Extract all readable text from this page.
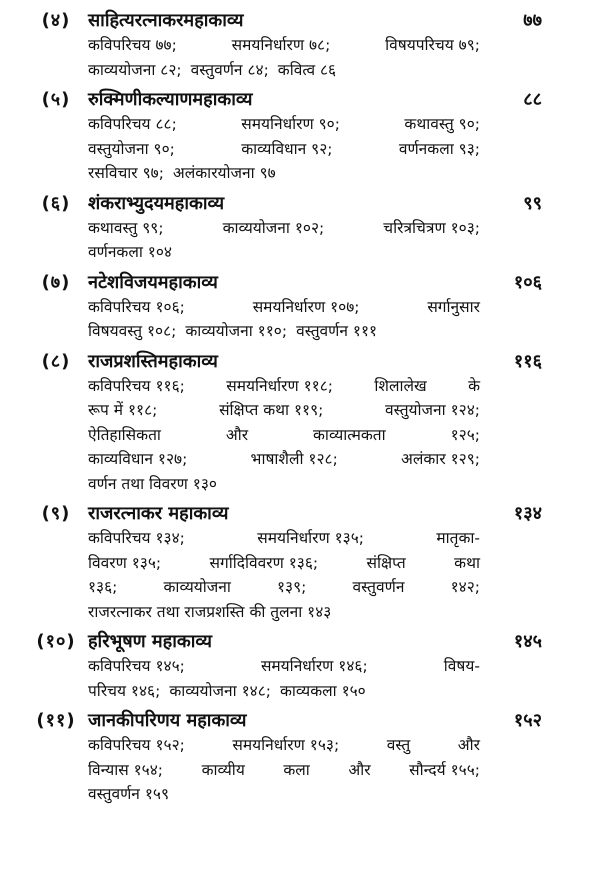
(४) साहित्यरत्नाकरमहाकाव्य	७७
कविपरिचय ७७;	समयनिर्धारण ७८;	विषयपरिचय ७९;
काव्ययोजना ८२; वस्तुवर्णन ८४; कवित्व ८६
(५) रुक्मिणीकल्याणमहाकाव्य	८८
कविपरिचय ८८;	समयनिर्धारण ९०;	कथावस्तु ९०;
वस्तुयोजना ९०;	काव्यविधान ९२;	वर्णनकला ९३;
रसविचार ९७; अलंकारयोजना ९७
(६) शंकराभ्युदयमहाकाव्य	९९
कथावस्तु ९९;	काव्ययोजना १०२;	चरित्रचित्रण १०३;
वर्णनकला १०४
(७) नटेशविजयमहाकाव्य	१०६
कविपरिचय १०६;	समयनिर्धारण १०७;	सर्गानुसार
विषयवस्तु १०८; काव्ययोजना ११०; वस्तुवर्णन १११
(८) राजप्रशस्तिमहाकाव्य	११६
कविपरिचय ११६;	समयनिर्धारण ११८;	शिलालेख	के
रूप में ११८;	संक्षिप्त कथा ११९;	वस्तुयोजना १२४;
ऐतिहासिकता	और	काव्यात्मकता	१२५;
काव्यविधान १२७;	भाषाशैली १२८;	अलंकार १२९;
वर्णन तथा विवरण १३०
(९) राजरत्नाकर महाकाव्य	१३४
कविपरिचय १३४;	समयनिर्धारण १३५;	मातृका-
विवरण १३५;	सर्गादिविवरण १३६;	संक्षिप्त	कथा
१३६;	काव्ययोजना	१३९;	वस्तुवर्णन	१४२;
राजरत्नाकर तथा राजप्रशस्ति की तुलना १४३
(१०) हरिभूषण महाकाव्य	१४५
कविपरिचय १४५;	समयनिर्धारण १४६;	विषय-
परिचय १४६; काव्ययोजना १४८; काव्यकला १५०
(११) जानकीपरिणय महाकाव्य	१५२
कविपरिचय १५२;	समयनिर्धारण १५३;	वस्तु	और
विन्यास १५४; काव्यीय कला और सौन्दर्य १५५;
वस्तुवर्णन १५९
